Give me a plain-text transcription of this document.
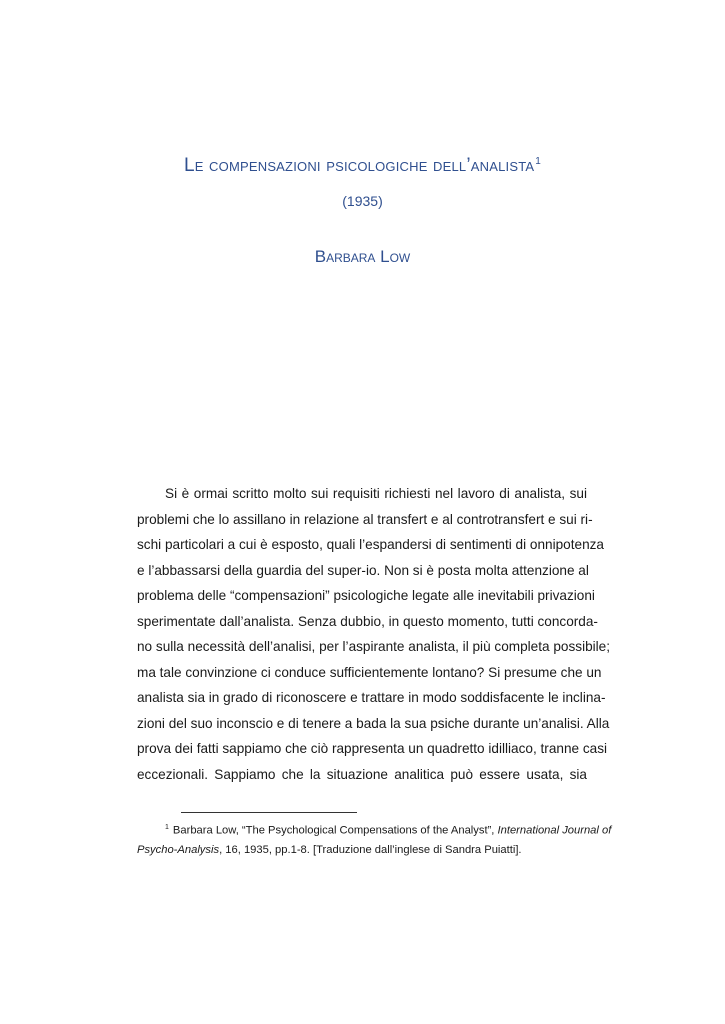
Le compensazioni psicologiche dell’analista$^1$
(1935)
Barbara Low
Si è ormai scritto molto sui requisiti richiesti nel lavoro di analista, sui
problemi che lo assillano in relazione al transfert e al controtransfert e sui ri-
schi particolari a cui è esposto, quali l’espandersi di sentimenti di onnipotenza
e l’abbassarsi della guardia del super-io. Non si è posta molta attenzione al
problema delle “compensazioni” psicologiche legate alle inevitabili privazioni
sperimentate dall’analista. Senza dubbio, in questo momento, tutti concorda-
no sulla necessità dell’analisi, per l’aspirante analista, il più completa possibile;
ma tale convinzione ci conduce sufficientemente lontano? Si presume che un
analista sia in grado di riconoscere e trattare in modo soddisfacente le inclina-
zioni del suo inconscio e di tenere a bada la sua psiche durante un’analisi. Alla
prova dei fatti sappiamo che ciò rappresenta un quadretto idilliaco, tranne casi
eccezionali. Sappiamo che la situazione analitica può essere usata, sia
$^1$ Barbara Low, “The Psychological Compensations of the Analyst”, International Journal of
Psycho-Analysis, 16, 1935, pp.1-8. [Traduzione dall’inglese di Sandra Puiatti].
